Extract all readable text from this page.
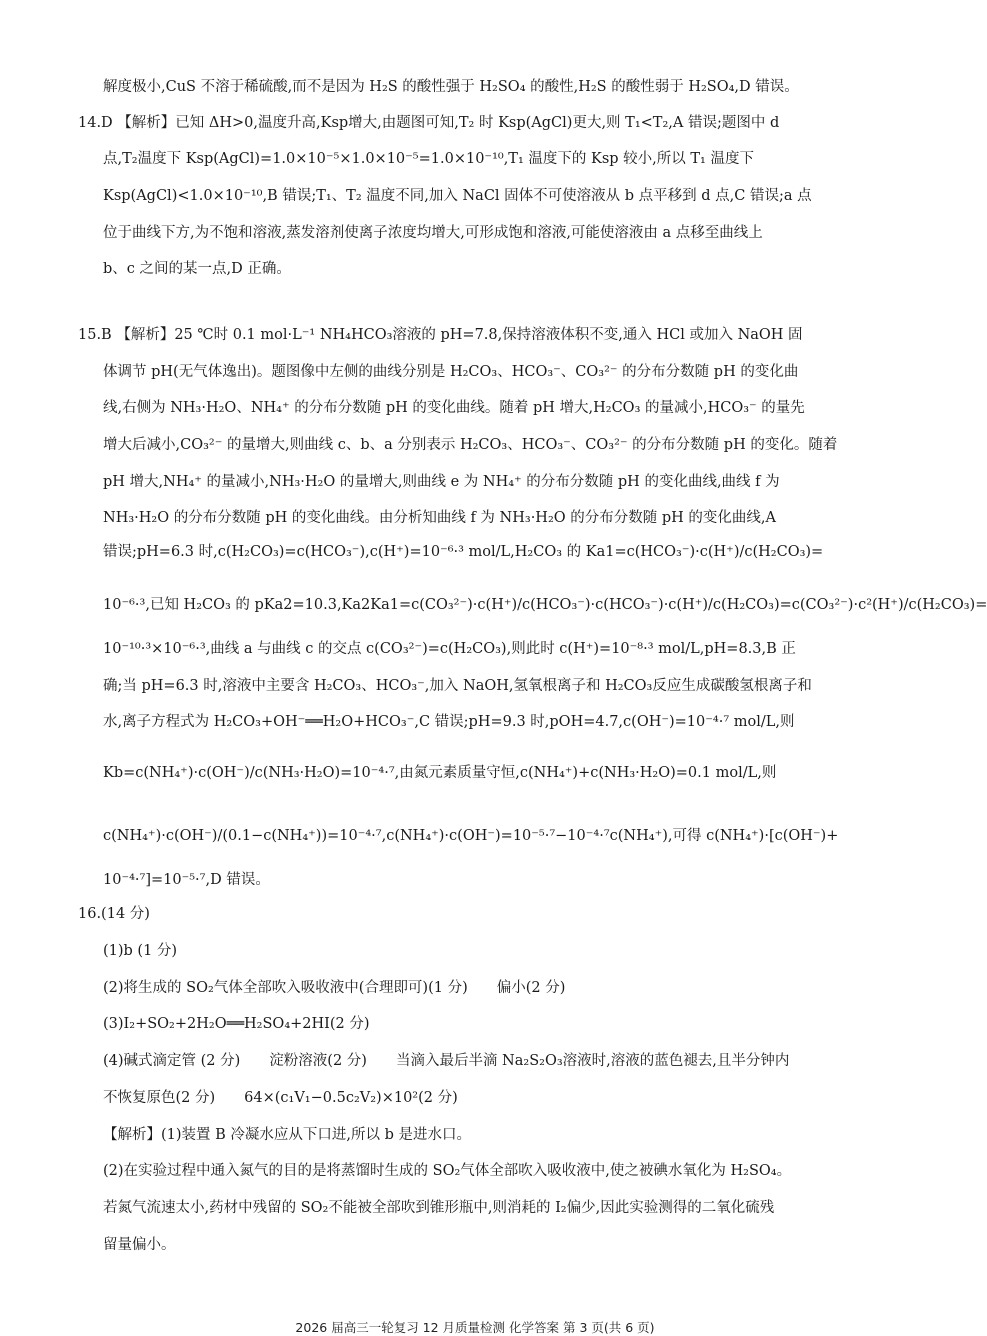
解度极小,CuS 不溶于稀硫酸,而不是因为 H₂S 的酸性强于 H₂SO₄ 的酸性,H₂S 的酸性弱于 H₂SO₄,D 错误。
14.D 【解析】已知 ΔH>0,温度升高,Ksp增大,由题图可知,T₂ 时 Ksp(AgCl)更大,则 T₁<T₂,A 错误;题图中 d
点,T₂温度下 Ksp(AgCl)=1.0×10⁻⁵×1.0×10⁻⁵=1.0×10⁻¹⁰,T₁ 温度下的 Ksp 较小,所以 T₁ 温度下
Ksp(AgCl)<1.0×10⁻¹⁰,B 错误;T₁、T₂ 温度不同,加入 NaCl 固体不可使溶液从 b 点平移到 d 点,C 错误;a 点
位于曲线下方,为不饱和溶液,蒸发溶剂使离子浓度均增大,可形成饱和溶液,可能使溶液由 a 点移至曲线上
b、c 之间的某一点,D 正确。
15.B 【解析】25 ℃时 0.1 mol·L⁻¹ NH₄HCO₃溶液的 pH=7.8,保持溶液体积不变,通入 HCl 或加入 NaOH 固
体调节 pH(无气体逸出)。题图像中左侧的曲线分别是 H₂CO₃、HCO₃⁻、CO₃²⁻ 的分布分数随 pH 的变化曲
线,右侧为 NH₃·H₂O、NH₄⁺ 的分布分数随 pH 的变化曲线。随着 pH 增大,H₂CO₃ 的量减小,HCO₃⁻ 的量先
增大后减小,CO₃²⁻ 的量增大,则曲线 c、b、a 分别表示 H₂CO₃、HCO₃⁻、CO₃²⁻ 的分布分数随 pH 的变化。随着
pH 增大,NH₄⁺ 的量减小,NH₃·H₂O 的量增大,则曲线 e 为 NH₄⁺ 的分布分数随 pH 的变化曲线,曲线 f 为
NH₃·H₂O 的分布分数随 pH 的变化曲线。由分析知曲线 f 为 NH₃·H₂O 的分布分数随 pH 的变化曲线,A
错误;pH=6.3 时,c(H₂CO₃)=c(HCO₃⁻),c(H⁺)=10⁻⁶·³ mol/L,H₂CO₃ 的 Ka1=c(HCO₃⁻)·c(H⁺)/c(H₂CO₃)=
10⁻⁶·³,已知 H₂CO₃ 的 pKa2=10.3,Ka2Ka1=c(CO₃²⁻)·c(H⁺)/c(HCO₃⁻)·c(HCO₃⁻)·c(H⁺)/c(H₂CO₃)=c(CO₃²⁻)·c²(H⁺)/c(H₂CO₃)=
10⁻¹⁰·³×10⁻⁶·³,曲线 a 与曲线 c 的交点 c(CO₃²⁻)=c(H₂CO₃),则此时 c(H⁺)=10⁻⁸·³ mol/L,pH=8.3,B 正
确;当 pH=6.3 时,溶液中主要含 H₂CO₃、HCO₃⁻,加入 NaOH,氢氧根离子和 H₂CO₃反应生成碳酸氢根离子和
水,离子方程式为 H₂CO₃+OH⁻══H₂O+HCO₃⁻,C 错误;pH=9.3 时,pOH=4.7,c(OH⁻)=10⁻⁴·⁷ mol/L,则
Kb=c(NH₄⁺)·c(OH⁻)/c(NH₃·H₂O)=10⁻⁴·⁷,由氮元素质量守恒,c(NH₄⁺)+c(NH₃·H₂O)=0.1 mol/L,则
c(NH₄⁺)·c(OH⁻)/(0.1−c(NH₄⁺))=10⁻⁴·⁷,c(NH₄⁺)·c(OH⁻)=10⁻⁵·⁷−10⁻⁴·⁷c(NH₄⁺),可得 c(NH₄⁺)·[c(OH⁻)+
10⁻⁴·⁷]=10⁻⁵·⁷,D 错误。
16.(14 分)
(1)b (1 分)
(2)将生成的 SO₂气体全部吹入吸收液中(合理即可)(1 分)　　偏小(2 分)
(3)I₂+SO₂+2H₂O══H₂SO₄+2HI(2 分)
(4)碱式滴定管 (2 分)　　淀粉溶液(2 分)　　当滴入最后半滴 Na₂S₂O₃溶液时,溶液的蓝色褪去,且半分钟内
不恢复原色(2 分)　　64×(c₁V₁−0.5c₂V₂)×10²(2 分)
【解析】(1)装置 B 冷凝水应从下口进,所以 b 是进水口。
(2)在实验过程中通入氮气的目的是将蒸馏时生成的 SO₂气体全部吹入吸收液中,使之被碘水氧化为 H₂SO₄。
若氮气流速太小,药材中残留的 SO₂不能被全部吹到锥形瓶中,则消耗的 I₂偏少,因此实验测得的二氧化硫残
留量偏小。
2026 届高三一轮复习 12 月质量检测 化学答案 第 3 页(共 6 页)
